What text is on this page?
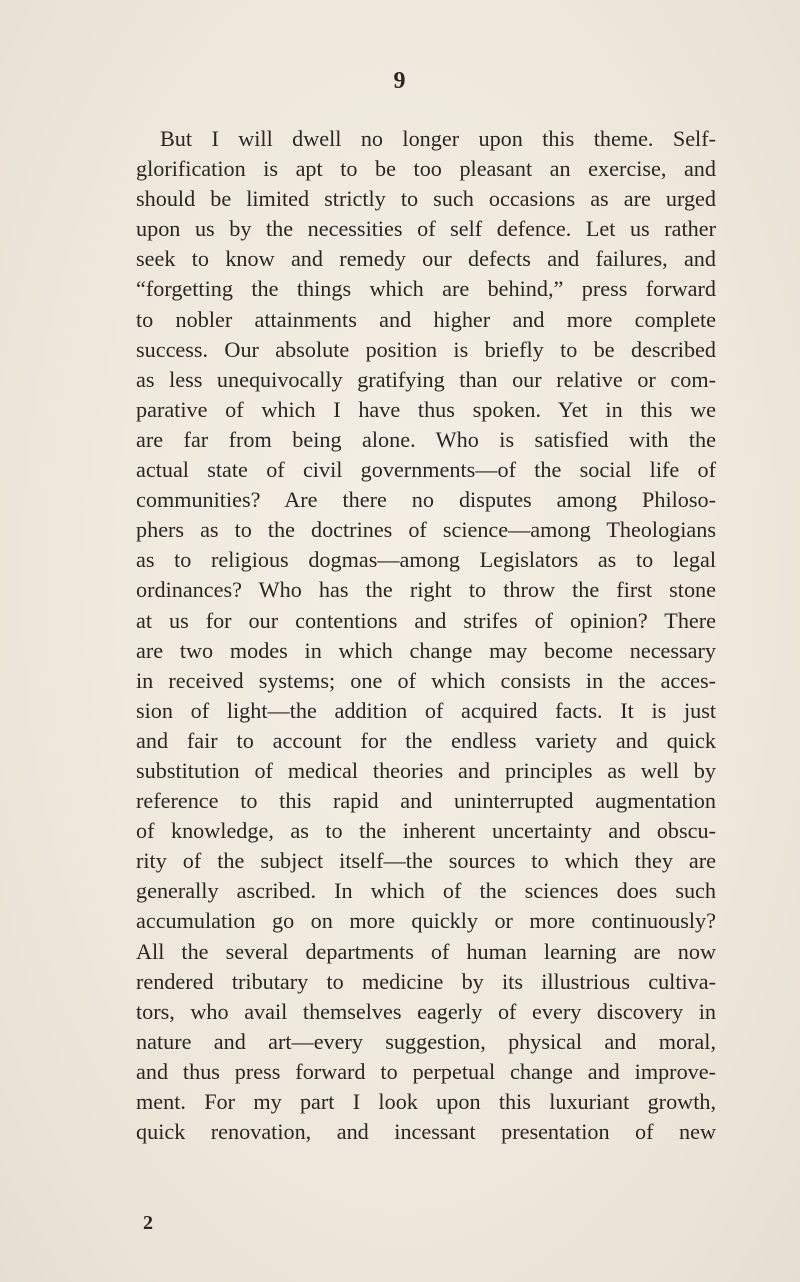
9
But I will dwell no longer upon this theme. Self-
glorification is apt to be too pleasant an exercise, and
should be limited strictly to such occasions as are urged
upon us by the necessities of self defence. Let us rather
seek to know and remedy our defects and failures, and
“forgetting the things which are behind,” press forward
to nobler attainments and higher and more complete
success. Our absolute position is briefly to be described
as less unequivocally gratifying than our relative or com-
parative of which I have thus spoken. Yet in this we
are far from being alone. Who is satisfied with the
actual state of civil governments—of the social life of
communities? Are there no disputes among Philoso-
phers as to the doctrines of science—among Theologians
as to religious dogmas—among Legislators as to legal
ordinances? Who has the right to throw the first stone
at us for our contentions and strifes of opinion? There
are two modes in which change may become necessary
in received systems; one of which consists in the acces-
sion of light—the addition of acquired facts. It is just
and fair to account for the endless variety and quick
substitution of medical theories and principles as well by
reference to this rapid and uninterrupted augmentation
of knowledge, as to the inherent uncertainty and obscu-
rity of the subject itself—the sources to which they are
generally ascribed. In which of the sciences does such
accumulation go on more quickly or more continuously?
All the several departments of human learning are now
rendered tributary to medicine by its illustrious cultiva-
tors, who avail themselves eagerly of every discovery in
nature and art—every suggestion, physical and moral,
and thus press forward to perpetual change and improve-
ment. For my part I look upon this luxuriant growth,
quick renovation, and incessant presentation of new
2
